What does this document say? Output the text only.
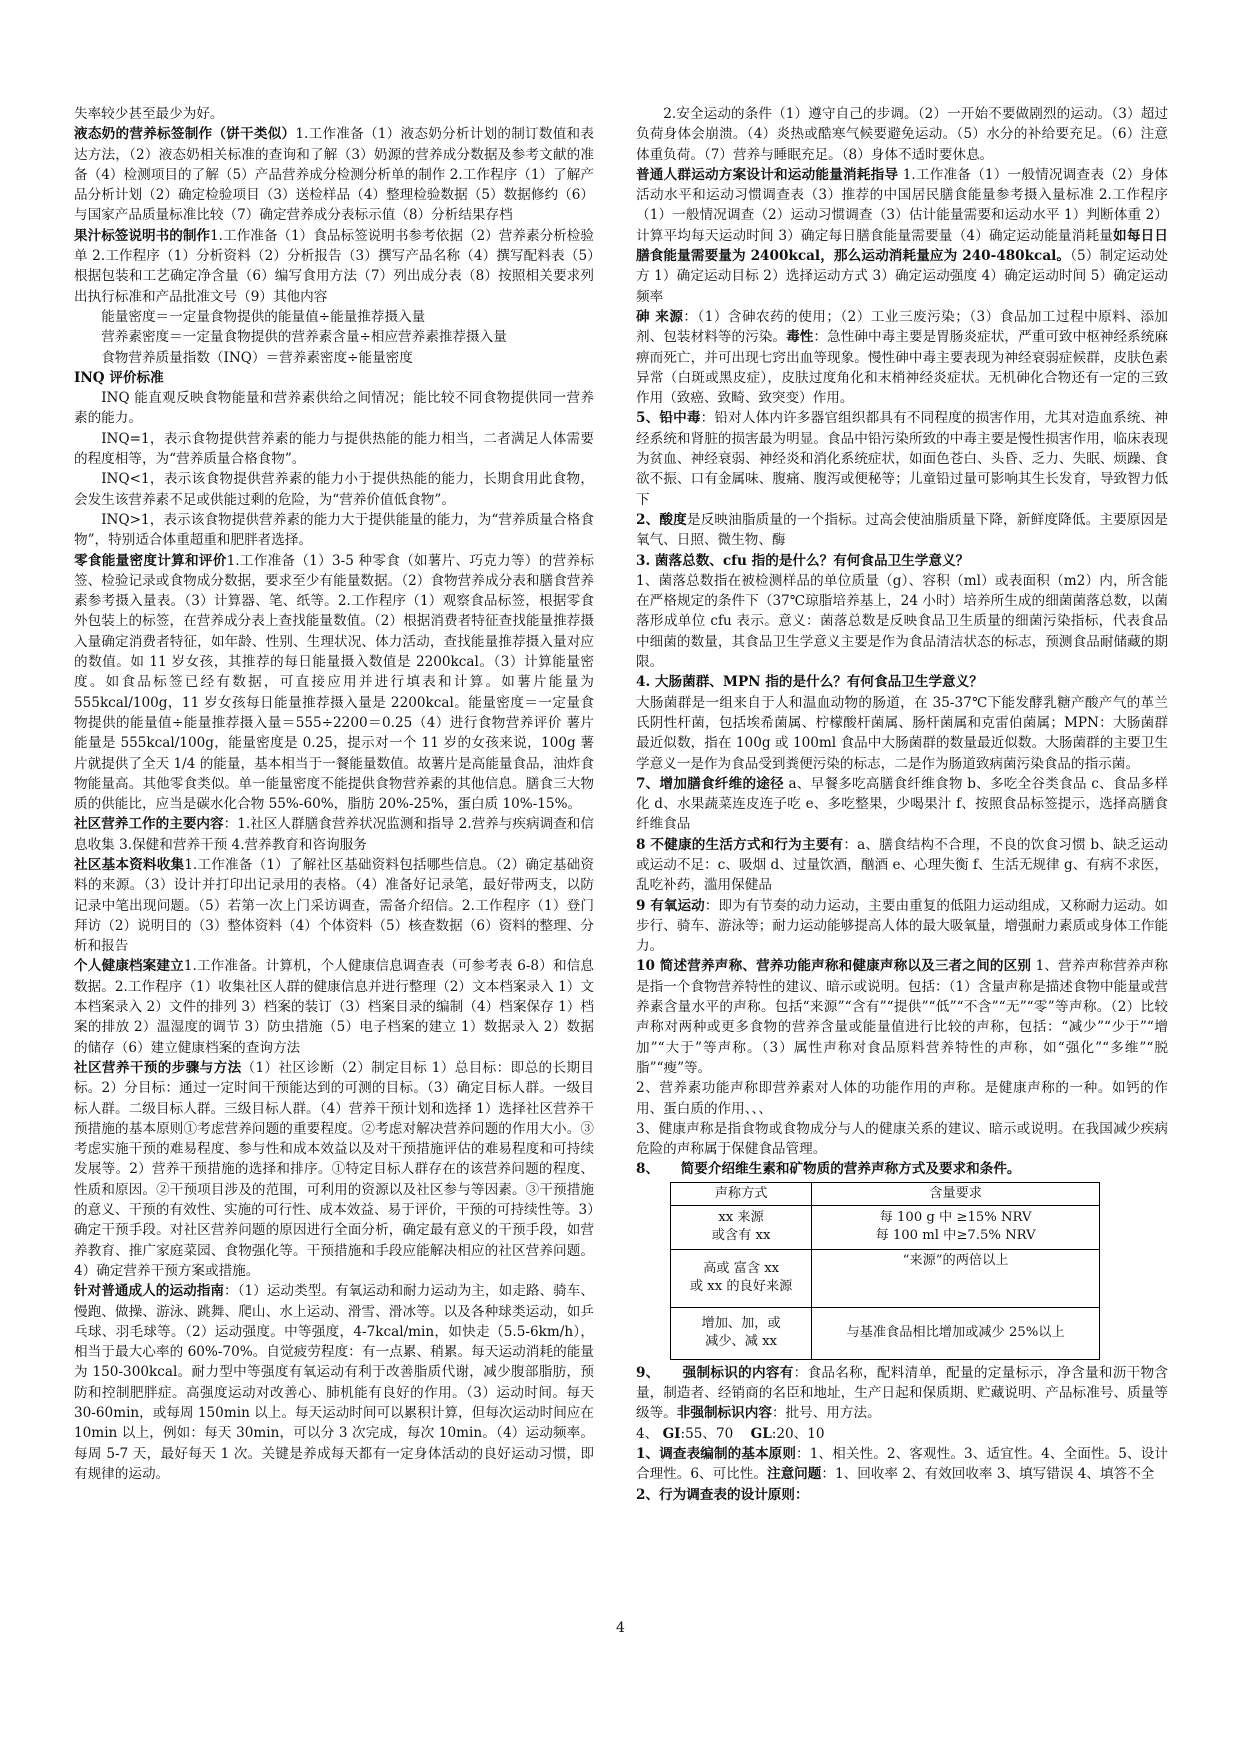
失率较少甚至最少为好。

液态奶的营养标签制作（饼干类似）1.工作准备（1）液态奶分析计划的制订数值和表达方法，（2）液态奶相关标准的查询和了解（3）奶源的营养成分数据及参考文献的准备（4）检测项目的了解（5）产品营养成分检测分析单的制作 2.工作程序（1）了解产品分析计划（2）确定检验项目（3）送检样品（4）整理检验数据（5）数据修约（6）与国家产品质量标准比较（7）确定营养成分表标示值（8）分析结果存档

果汁标签说明书的制作1.工作准备（1）食品标签说明书参考依据（2）营养素分析检验单 2.工作程序（1）分析资料（2）分析报告（3）撰写产品名称（4）撰写配料表（5）根据包装和工艺确定净含量（6）编写食用方法（7）列出成分表（8）按照相关要求列出执行标准和产品批准文号（9）其他内容

能量密度＝一定量食物提供的能量值÷能量推荐摄入量

营养素密度＝一定量食物提供的营养素含量÷相应营养素推荐摄入量

食物营养质量指数（INQ）＝营养素密度÷能量密度

INQ 评价标准

INQ 能直观反映食物能量和营养素供给之间情况；能比较不同食物提供同一营养素的能力。

INQ=1，表示食物提供营养素的能力与提供热能的能力相当，二者满足人体需要的程度相等，为“营养质量合格食物”。

INQ<1，表示该食物提供营养素的能力小于提供热能的能力，长期食用此食物，会发生该营养素不足或供能过剩的危险，为“营养价值低食物”。

INQ>1，表示该食物提供营养素的能力大于提供能量的能力，为“营养质量合格食物”，特别适合体重超重和肥胖者选择。

零食能量密度计算和评价1.工作准备（1）3-5 种零食（如薯片、巧克力等）的营养标签、检验记录或食物成分数据，要求至少有能量数据。（2）食物营养成分表和膳食营养素参考摄入量表。（3）计算器、笔、纸等。2.工作程序（1）观察食品标签，根据零食外包装上的标签，在营养成分表上查找能量数值。（2）根据消费者特征查找能量推荐摄入量确定消费者特征，如年龄、性别、生理状况、体力活动，查找能量推荐摄入量对应的数值。如 11 岁女孩，其推荐的每日能量摄入数值是 2200kcal。（3）计算能量密度。如食品标签已经有数据，可直接应用并进行填表和计算。如薯片能量为 555kcal/100g，11 岁女孩每日能量推荐摄入量是 2200kcal。能量密度＝一定量食物提供的能量值÷能量推荐摄入量＝555÷2200＝0.25（4）进行食物营养评价 薯片能量是 555kcal/100g，能量密度是 0.25，提示对一个 11 岁的女孩来说，100g 薯片就提供了全天 1/4 的能量，基本相当于一餐能量数值。故薯片是高能量食品，油炸食物能量高。其他零食类似。单一能量密度不能提供食物营养素的其他信息。膳食三大物质的供能比，应当是碳水化合物 55%-60%，脂肪 20%-25%，蛋白质 10%-15%。

社区营养工作的主要内容：1.社区人群膳食营养状况监测和指导 2.营养与疾病调查和信息收集 3.保健和营养干预 4.营养教育和咨询服务

社区基本资料收集1.工作准备（1）了解社区基础资料包括哪些信息。（2）确定基础资料的来源。（3）设计并打印出记录用的表格。（4）准备好记录笔，最好带两支，以防记录中笔出现问题。（5）若第一次上门采访调查，需备介绍信。2.工作程序（1）登门拜访（2）说明目的（3）整体资料（4）个体资料（5）核查数据（6）资料的整理、分析和报告

个人健康档案建立1.工作准备。计算机，个人健康信息调查表（可参考表 6-8）和信息数据。2.工作程序（1）收集社区人群的健康信息并进行整理（2）文本档案录入 1）文本档案录入 2）文件的排列 3）档案的装订（3）档案目录的编制（4）档案保存 1）档案的排放 2）温湿度的调节 3）防虫措施（5）电子档案的建立 1）数据录入 2）数据的储存（6）建立健康档案的查询方法

社区营养干预的步骤与方法（1）社区诊断（2）制定目标 1）总目标：即总的长期目标。2）分目标：通过一定时间干预能达到的可测的目标。（3）确定目标人群。一级目标人群。二级目标人群。三级目标人群。（4）营养干预计划和选择 1）选择社区营养干预措施的基本原则①考虑营养问题的重要程度。②考虑对解决营养问题的作用大小。③考虑实施干预的难易程度、参与性和成本效益以及对干预措施评估的难易程度和可持续发展等。2）营养干预措施的选择和排序。①特定目标人群存在的该营养问题的程度、性质和原因。②干预项目涉及的范围，可利用的资源以及社区参与等因素。③干预措施的意义、干预的有效性、实施的可行性、成本效益、易于评价，干预的可持续性等。3）确定干预手段。对社区营养问题的原因进行全面分析，确定最有意义的干预手段，如营养教育、推广家庭菜园、食物强化等。干预措施和手段应能解决相应的社区营养问题。4）确定营养干预方案或措施。

针对普通成人的运动指南：（1）运动类型。有氧运动和耐力运动为主，如走路、骑车、慢跑、做操、游泳、跳舞、爬山、水上运动、滑雪、滑冰等。以及各种球类运动，如乒乓球、羽毛球等。（2）运动强度。中等强度，4-7kcal/min，如快走（5.5-6km/h），相当于最大心率的 60%-70%。自觉疲劳程度：有一点累、稍累。每天运动消耗的能量为 150-300kcal。耐力型中等强度有氧运动有利于改善脂质代谢，减少腹部脂肪，预防和控制肥胖症。高强度运动对改善心、肺机能有良好的作用。（3）运动时间。每天 30-60min，或每周 150min 以上。每天运动时间可以累积计算，但每次运动时间应在 10min 以上，例如：每天 30min，可以分 3 次完成，每次 10min。（4）运动频率。每周 5-7 天，最好每天 1 次。关键是养成每天都有一定身体活动的良好运动习惯，即有规律的运动。

2.安全运动的条件（1）遵守自己的步调。（2）一开始不要做剧烈的运动。（3）超过负荷身体会崩溃。（4）炎热或酷寒气候要避免运动。（5）水分的补给要充足。（6）注意体重负荷。（7）营养与睡眠充足。（8）身体不适时要休息。

普通人群运动方案设计和运动能量消耗指导 1.工作准备（1）一般情况调查表（2）身体活动水平和运动习惯调查表（3）推荐的中国居民膳食能量参考摄入量标准 2.工作程序（1）一般情况调查（2）运动习惯调查（3）估计能量需要和运动水平 1）判断体重 2）计算平均每天运动时间 3）确定每日膳食能量需要量（4）确定运动能量消耗量如每日日膳食能量需要量为 2400kcal，那么运动消耗量应为 240-480kcal。（5）制定运动处方 1）确定运动目标 2）选择运动方式 3）确定运动强度 4）确定运动时间 5）确定运动频率

砷 来源：（1）含砷农药的使用；（2）工业三废污染；（3）食品加工过程中原料、添加剂、包装材料等的污染。毒性：急性砷中毒主要是胃肠炎症状，严重可致中枢神经系统麻痹而死亡，并可出现七窍出血等现象。慢性砷中毒主要表现为神经衰弱症候群，皮肤色素异常（白斑或黑皮症），皮肤过度角化和末梢神经炎症状。无机砷化合物还有一定的三致作用（致癌、致畸、致突变）作用。

5、铅中毒：铅对人体内许多器官组织都具有不同程度的损害作用，尤其对造血系统、神经系统和肾脏的损害最为明显。食品中铅污染所致的中毒主要是慢性损害作用，临床表现为贫血、神经衰弱、神经炎和消化系统症状，如面色苍白、头昏、乏力、失眠、烦躁、食欲不振、口有金属味、腹痛、腹泻或便秘等；儿童铅过量可影响其生长发育，导致智力低下

2、酸度是反映油脂质量的一个指标。过高会使油脂质量下降，新鲜度降低。主要原因是氧气、日照、微生物、酶

3. 菌落总数、cfu 指的是什么？有何食品卫生学意义？

1、菌落总数指在被检测样品的单位质量（g）、容积（ml）或表面积（m2）内，所含能在严格规定的条件下（37℃琼脂培养基上，24 小时）培养所生成的细菌菌落总数，以菌落形成单位 cfu 表示。意义：菌落总数是反映食品卫生质量的细菌污染指标，代表食品中细菌的数量，其食品卫生学意义主要是作为食品清洁状态的标志，预测食品耐储藏的期限。

4. 大肠菌群、MPN 指的是什么？有何食品卫生学意义？

大肠菌群是一组来自于人和温血动物的肠道，在 35-37℃下能发酵乳糖产酸产气的革兰氏阴性杆菌，包括埃希菌属、柠檬酸杆菌属、肠杆菌属和克雷伯菌属；MPN：大肠菌群最近似数，指在 100g 或 100ml 食品中大肠菌群的数量最近似数。大肠菌群的主要卫生学意义一是作为食品受到粪便污染的标志，二是作为肠道致病菌污染食品的指示菌。

7、增加膳食纤维的途径 a、早餐多吃高膳食纤维食物 b、多吃全谷类食品 c、食品多样化 d、水果蔬菜连皮连子吃 e、多吃整果，少喝果汁 f、按照食品标签提示，选择高膳食纤维食品

8 不健康的生活方式和行为主要有：a、膳食结构不合理，不良的饮食习惯 b、缺乏运动或运动不足：c、吸烟 d、过量饮酒，酗酒 e、心理失衡 f、生活无规律 g、有病不求医，乱吃补药，滥用保健品

9 有氧运动：即为有节奏的动力运动，主要由重复的低阻力运动组成，又称耐力运动。如步行、骑车、游泳等；耐力运动能够提高人体的最大吸氧量，增强耐力素质或身体工作能力。

10 简述营养声称、营养功能声称和健康声称以及三者之间的区别 1、营养声称营养声称是指一个食物营养特性的建议、暗示或说明。包括：（1）含量声称是描述食物中能量或营养素含量水平的声称。包括“来源”“含有”“提供”“低”“不含”“无”“零”等声称。（2）比较声称对两种或更多食物的营养含量或能量值进行比较的声称，包括：“减少”“少于”“增加”“大于”等声称。（3）属性声称对食品原料营养特性的声称，如“强化”“多维”“脱脂”“瘦”等。

2、营养素功能声称即营养素对人体的功能作用的声称。是健康声称的一种。如钙的作用、蛋白质的作用、、、

3、健康声称是指食物或食物成分与人的健康关系的建议、暗示或说明。在我国减少疾病危险的声称属于保健食品管理。

8、 简要介绍维生素和矿物质的营养声称方式及要求和条件。

声称方式	含量要求
xx 来源
或含有 xx	每 100 g 中 ≥15% NRV
每 100 ml 中≥7.5% NRV
高或 富含 xx
或 xx 的良好来源	“来源”的两倍以上
增加、加，或
减少、减 xx	与基准食品相比增加或减少 25%以上

9、 强制标识的内容有：食品名称，配料清单，配量的定量标示，净含量和沥干物含量，制造者、经销商的名臣和地址，生产日起和保质期、贮藏说明、产品标准号、质量等级等。非强制标识内容：批号、用方法。

4、 GI:55、70 GL:20、10

1、调查表编制的基本原则：1、相关性。2、客观性。3、适宜性。4、全面性。5、设计合理性。6、可比性。注意问题：1、回收率 2、有效回收率 3、填写错误 4、填答不全

2、行为调查表的设计原则：

4
